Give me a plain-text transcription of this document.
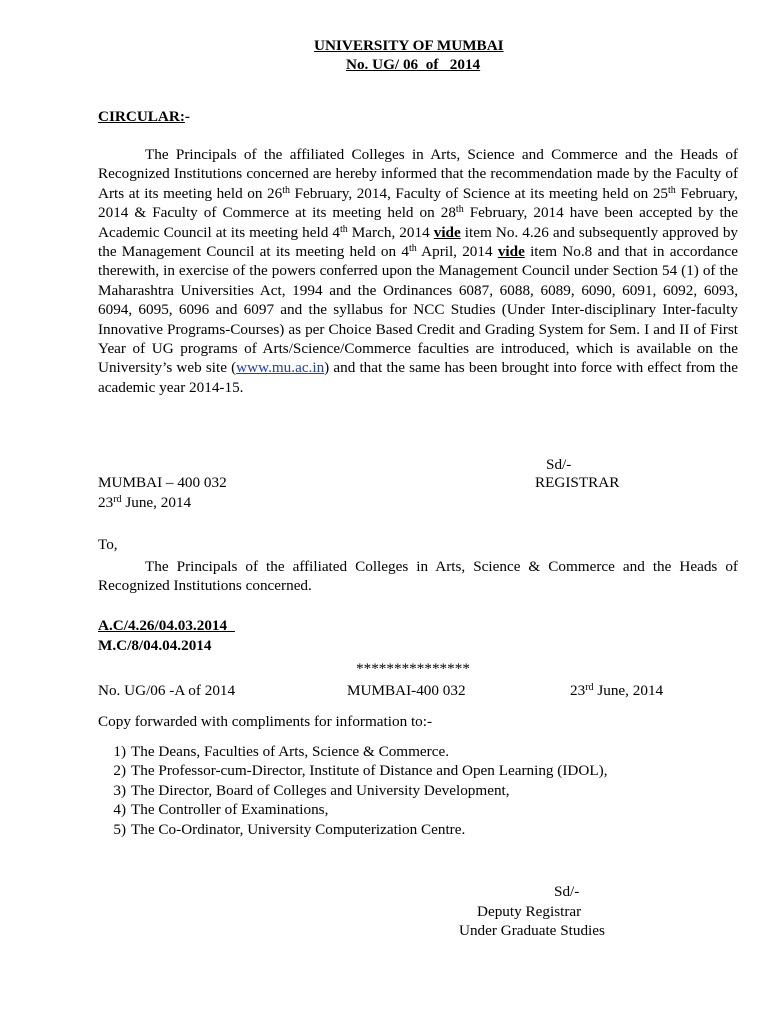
UNIVERSITY OF MUMBAI
No. UG/ 06  of   2014
CIRCULAR:-
The Principals of the affiliated Colleges in Arts, Science and Commerce and the Heads of Recognized Institutions concerned are hereby informed that the recommendation made by the Faculty of Arts at its meeting held on 26th February, 2014, Faculty of Science at its meeting held on 25th February, 2014 & Faculty of Commerce at its meeting held on 28th February, 2014 have been accepted by the Academic Council at its meeting held 4th March, 2014 vide item No. 4.26 and subsequently approved by the Management Council at its meeting held on 4th April, 2014 vide item No.8 and that in accordance therewith, in exercise of the powers conferred upon the Management Council under Section 54 (1) of the Maharashtra Universities Act, 1994 and the Ordinances 6087, 6088, 6089, 6090, 6091, 6092, 6093, 6094, 6095, 6096 and 6097 and the syllabus for NCC Studies (Under Inter-disciplinary Inter-faculty Innovative Programs-Courses) as per Choice Based Credit and Grading System for Sem. I and II of First Year of UG programs of Arts/Science/Commerce faculties are introduced, which is available on the University’s web site (www.mu.ac.in) and that the same has been brought into force with effect from the academic year 2014-15.
Sd/-
MUMBAI – 400 032	REGISTRAR
23rd June, 2014
To,
The Principals of the affiliated Colleges in Arts, Science & Commerce and the Heads of Recognized Institutions concerned.
A.C/4.26/04.03.2014_
M.C/8/04.04.2014
***************
No. UG/06 -A of 2014	MUMBAI-400 032	23rd June, 2014
Copy forwarded with compliments for information to:-
1) The Deans, Faculties of Arts, Science & Commerce.
2) The Professor-cum-Director, Institute of Distance and Open Learning (IDOL),
3) The Director, Board of Colleges and University Development,
4) The Controller of Examinations,
5) The Co-Ordinator, University Computerization Centre.
Sd/-
Deputy Registrar
Under Graduate Studies
